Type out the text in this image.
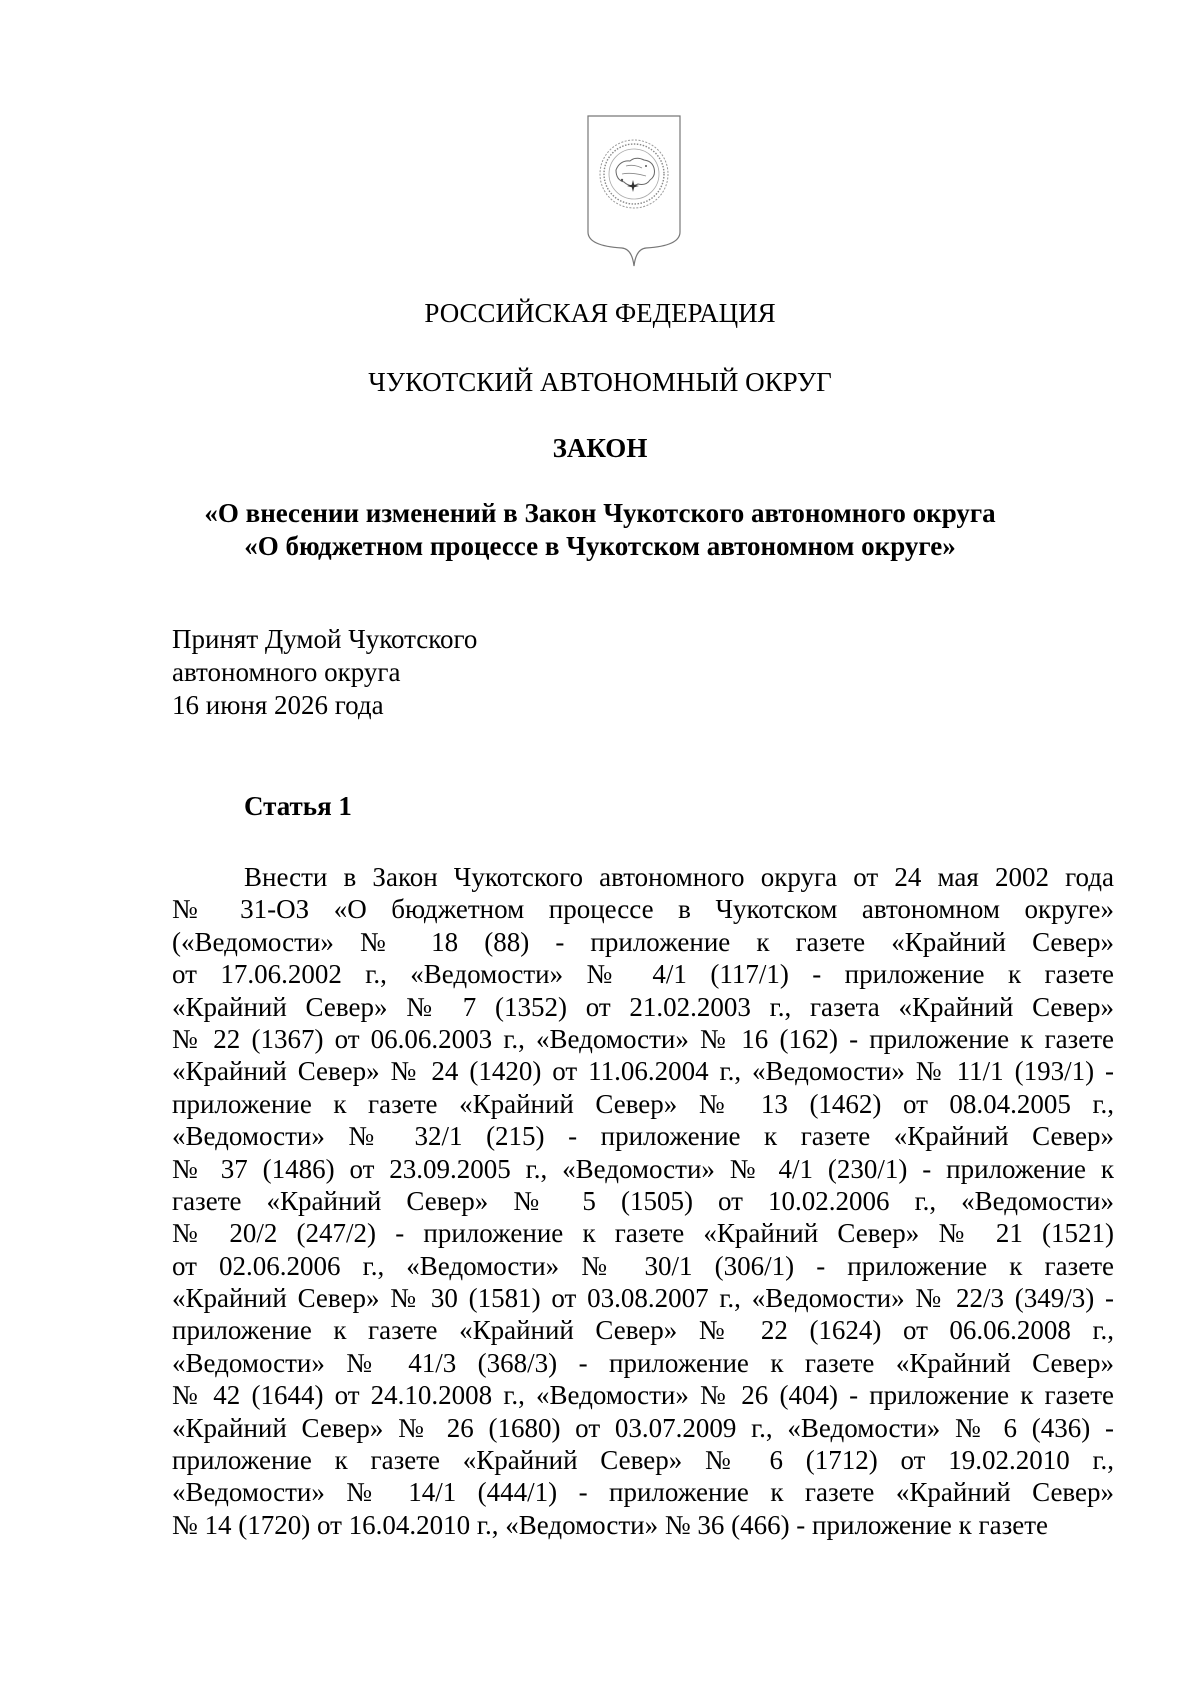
РОССИЙСКАЯ ФЕДЕРАЦИЯ
ЧУКОТСКИЙ АВТОНОМНЫЙ ОКРУГ
ЗАКОН
«О внесении изменений в Закон Чукотского автономного округа
«О бюджетном процессе в Чукотском автономном округе»
Принят Думой Чукотского
автономного округа
16 июня 2026 года
Статья 1
Внести в Закон Чукотского автономного округа от 24 мая 2002 года
№ 31-ОЗ «О бюджетном процессе в Чукотском автономном округе»
(«Ведомости» № 18 (88) - приложение к газете «Крайний Север»
от 17.06.2002 г., «Ведомости» № 4/1 (117/1) - приложение к газете
«Крайний Север» № 7 (1352) от 21.02.2003 г., газета «Крайний Север»
№ 22 (1367) от 06.06.2003 г., «Ведомости» № 16 (162) - приложение к газете
«Крайний Север» № 24 (1420) от 11.06.2004 г., «Ведомости» № 11/1 (193/1) -
приложение к газете «Крайний Север» № 13 (1462) от 08.04.2005 г.,
«Ведомости» № 32/1 (215) - приложение к газете «Крайний Север»
№ 37 (1486) от 23.09.2005 г., «Ведомости» № 4/1 (230/1) - приложение к
газете «Крайний Север» № 5 (1505) от 10.02.2006 г., «Ведомости»
№ 20/2 (247/2) - приложение к газете «Крайний Север» № 21 (1521)
от 02.06.2006 г., «Ведомости» № 30/1 (306/1) - приложение к газете
«Крайний Север» № 30 (1581) от 03.08.2007 г., «Ведомости» № 22/3 (349/3) -
приложение к газете «Крайний Север» № 22 (1624) от 06.06.2008 г.,
«Ведомости» № 41/3 (368/3) - приложение к газете «Крайний Север»
№ 42 (1644) от 24.10.2008 г., «Ведомости» № 26 (404) - приложение к газете
«Крайний Север» № 26 (1680) от 03.07.2009 г., «Ведомости» № 6 (436) -
приложение к газете «Крайний Север» № 6 (1712) от 19.02.2010 г.,
«Ведомости» № 14/1 (444/1) - приложение к газете «Крайний Север»
№ 14 (1720) от 16.04.2010 г., «Ведомости» № 36 (466) - приложение к газете
